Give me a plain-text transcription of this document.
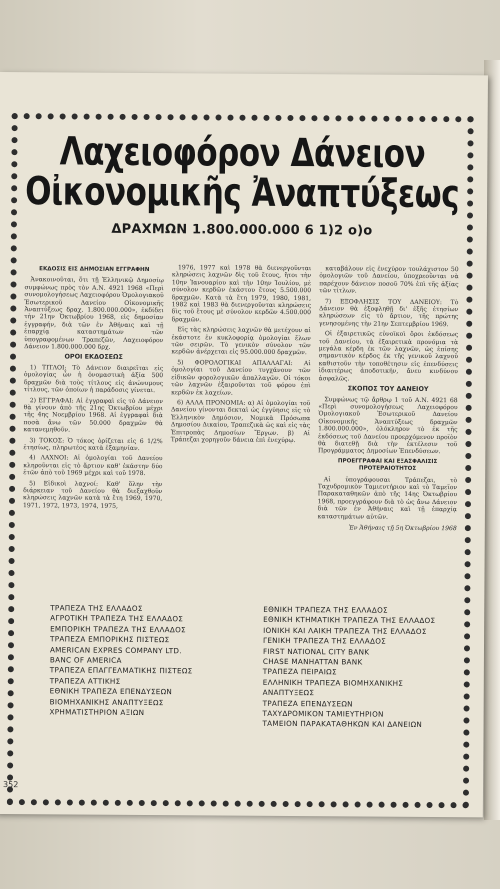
Λαχειοφόρον Δάνειον
Οἰκονομικῆς Ἀναπτύξεως
ΔΡΑΧΜΩΝ 1.800.000.000 6 1)2 ο)ο
ΕΚΔΟΣΙΣ ΕΙΣ ΔΗΜΟΣΙΑΝ ΕΓΓΡΑΦΗΝ

Ἀνακοινοῦται, ὅτι τῇ Ἑλληνικῷ Δημοσίῳ συμφώνως πρὸς τὸν Α.Ν. 4921 1968 «Περὶ συνομολογήσεως Λαχειοφόρου Ὁμολογιακοῦ Ἐσωτερικοῦ Δανείου Οἰκονομικῆς Ἀναπτύξεως δραχ. 1.800.000.000», ἐκδίδει τὴν 21ην Ὀκτωβρίου 1968, εἰς δημοσίαν ἐγγραφήν, διὰ τῶν ἐν Ἀθήναις καὶ τῇ ἐπαρχίᾳ καταστημάτων τῶν ὑπογραφομένων Τραπεζῶν, Λαχειοφόρον Δάνειον 1.800.000.000 δρχ.

ΟΡΟΙ ΕΚΔΟΣΕΩΣ

1) ΤΙΤΛΟΙ: Τὸ Δάνειον διαιρεῖται εἰς ὁμολογίας ὧν ἡ ὀνομαστικὴ ἀξία 500 δραχμῶν διὰ τοὺς τίτλους εἰς ἀνώνυμους τίτλους, τῶν ὁποίων ἡ παράδοσις γίνεται.

2) ΕΓΓΡΑΦΑΙ: Αἱ ἐγγραφαὶ εἰς τὸ Δάνειον θὰ γίνουν ἀπὸ τῆς 21ης Ὀκτωβρίου μέχρι τῆς 4ης Νοεμβρίου 1968. Αἱ ἐγγραφαὶ διὰ ποσὰ ἄνω τῶν 50.000 δραχμῶν θὰ κατανεμηθοῦν.

3) ΤΟΚΟΣ: Ὁ τόκος ὁρίζεται εἰς 6 1/2% ἐτησίως, πληρωτέος κατὰ ἑξαμηνίαν.

4) ΛΑΧΝΟΙ: Αἱ ὁμολογίαι τοῦ Δανείου κληροῦνται εἰς τὸ ἄρτιον καθ' ἑκάστην δύο ἐτῶν ἀπὸ τοῦ 1969 μέχρι καὶ τοῦ 1978.

5) Εἰδικοὶ λαχνοί: Καθ' ὅλην τὴν διάρκειαν τοῦ Δανείου θὰ διεξαχθοῦν κληρώσεις λαχνῶν κατὰ τὰ ἔτη 1969, 1970, 1971, 1972, 1973, 1974, 1975,

1976, 1977 καὶ 1978 θὰ διενεργοῦνται κληρώσεις λαχνῶν δὶς τοῦ ἔτους, ἤτοι τὴν 10ην Ἰανουαρίου καὶ τὴν 10ην Ἰουλίου, μὲ σύνολον κερδῶν ἑκάστου ἔτους 5.500.000 δραχμῶν. Κατὰ τὰ ἔτη 1979, 1980, 1981, 1982 καὶ 1983 θὰ διενεργοῦνται κληρώσεις δὶς τοῦ ἔτους μὲ σύνολον κερδῶν 4.500.000 δραχμῶν.

Εἰς τὰς κληρώσεις λαχνῶν θὰ μετέχουν αἱ ἑκάστοτε ἐν κυκλοφορίᾳ ὁμολογίαι ἔλων τῶν σειρῶν. Τὸ γενικὸν σύνολον τῶν κερδῶν ἀνέρχεται εἰς 95.000.000 δραχμῶν.

5) ΦΟΡΟΛΟΓΙΚΑΙ ΑΠΑΛΛΑΓΑΙ: Αἱ ὁμολογίαι τοῦ Δανείου τυγχάνουν τῶν εἰδικῶν φορολογικῶν ἀπαλλαγῶν. Οἱ τόκοι τῶν λαχνῶν ἐξαιροῦνται τοῦ φόρου ἐπὶ κερδῶν ἐκ λαχείων.

6) ΑΛΛΑ ΠΡΟΝΟΜΙΑ: α) Αἱ ὁμολογίαι τοῦ Δανείου γίνονται δεκταὶ ὡς ἐγγύησις εἰς τὸ Ἑλληνικὸν Δημόσιον, Νομικὰ Πρόσωπα Δημοσίου Δικαίου, Τραπεζικὰ ὡς καὶ εἰς τὰς Ἐπιτροπὰς Δημοσίων Ἔργων. β) Αἱ Τράπεζαι χορηγοῦν δάνεια ἐπὶ ἐνεχύρῳ.

καταβάλουν εἰς ἐνεχύρον τουλάχιστον 50 ὁμολογιῶν τοῦ Δανείου, ὑποχρεοῦνται νὰ παρέχουν δάνειον ποσοῦ 70% ἐπὶ τῆς ἀξίας τῶν τίτλων.

7) ΕΞΟΦΛΗΣΙΣ ΤΟΥ ΔΑΝΕΙΟΥ: Τὸ Δάνειον θὰ ἐξοφληθῇ δι' ἐξῆς ἐτησίων κληρώσεων εἰς τὸ ἄρτιον, τῆς πρώτης γενησομένης τὴν 21ην Σεπτεμβρίου 1969.

Οἱ ἐξαιρετικῶς εὐνοϊκοὶ ὅροι ἐκδόσεως τοῦ Δανείου, τὰ ἐξαιρετικὰ προνόμια τὰ μεγάλα κέρδη ἐκ τῶν λαχνῶν, ὡς ἐπίσης σημαντικὸν κέρδος ἐκ τῆς γενικοῦ λαχνοῦ καθιστοῦν τὴν τοποθέτησιν εἰς ἐπενδύσεις ἰδιαιτέρως ἀποδοτικήν, ἄνευ κινδύνου ἀσφαλῶς.

ΣΚΟΠΟΣ ΤΟΥ ΔΑΝΕΙΟΥ

Συμφώνως τῷ ἄρθρῳ 1 τοῦ Α.Ν. 4921 68 «Περὶ συνομολογήσεως Λαχειοφόρου Ὁμολογιακοῦ Ἐσωτερικοῦ Δανείου Οἰκονομικῆς Ἀναπτύξεως δραχμῶν 1.800.000.000», ὁλόκληρον τὸ ἐκ τῆς ἐκδόσεως τοῦ Δανείου προερχόμενον προϊὸν θὰ διατεθῇ διὰ τὴν ἐκτέλεσιν τοῦ Προγράμματος Δημοσίων Ἐπενδύσεων.

ΠΡΟΕΓΓΡΑΦΑΙ ΚΑΙ ΕΞΑΣΦΑΛΙΣΙΣ ΠΡΟΤΕΡΑΙΟΤΗΤΟΣ

Αἱ ὑπογράφουσαι Τράπεζαι, τὸ Ταχυδρομικὸν Ταμιευτήριον καὶ τὸ Ταμεῖον Παρακαταθηκῶν ἀπὸ τῆς 14ης Ὀκτωβρίου 1968, προεγγράφουν διὰ τὸ ὡς ἄνω Δάνειον διὰ τῶν ἐν Ἀθήναις καὶ τῇ ἐπαρχίᾳ καταστημάτων αὐτῶν.

Ἐν Ἀθήναις τῇ 5η Ὀκτωβρίου 1968
ΤΡΑΠΕΖΑ ΤΗΣ ΕΛΛΑΔΟΣ
ΑΓΡΟΤΙΚΗ ΤΡΑΠΕΖΑ ΤΗΣ ΕΛΛΑΔΟΣ
ΕΜΠΟΡΙΚΗ ΤΡΑΠΕΖΑ ΤΗΣ ΕΛΛΑΔΟΣ
ΤΡΑΠΕΖΑ ΕΜΠΟΡΙΚΗΣ ΠΙΣΤΕΩΣ
AMERICAN EXPRES COMPANY LTD.
BANC OF AMERICA
ΤΡΑΠΕΖΑ ΕΠΑΓΓΕΛΜΑΤΙΚΗΣ ΠΙΣΤΕΩΣ
ΤΡΑΠΕΖΑ ΑΤΤΙΚΗΣ
ΕΘΝΙΚΗ ΤΡΑΠΕΖΑ ΕΠΕΝΔΥΣΕΩΝ
ΒΙΟΜΗΧΑΝΙΚΗΣ ΑΝΑΠΤΥΞΕΩΣ
ΧΡΗΜΑΤΙΣΤΗΡΙΟΝ ΑΞΙΩΝ
ΕΘΝΙΚΗ ΤΡΑΠΕΖΑ ΤΗΣ ΕΛΛΑΔΟΣ
ΕΘΝΙΚΗ ΚΤΗΜΑΤΙΚΗ ΤΡΑΠΕΖΑ ΤΗΣ ΕΛΛΑΔΟΣ
ΙΟΝΙΚΗ ΚΑΙ ΛΑΙΚΗ ΤΡΑΠΕΖΑ ΤΗΣ ΕΛΛΑΔΟΣ
ΓΕΝΙΚΗ ΤΡΑΠΕΖΑ ΤΗΣ ΕΛΛΑΔΟΣ
FIRST NATIONAL CITY BANK
CHASE MANHATTAN BANK
ΤΡΑΠΕΖΑ ΠΕΙΡΑΙΩΣ
ΕΛΛΗΝΙΚΗ ΤΡΑΠΕΖΑ ΒΙΟΜΗΧΑΝΙΚΗΣ
ΑΝΑΠΤΥΞΕΩΣ
ΤΡΑΠΕΖΑ ΕΠΕΝΔΥΣΕΩΝ
ΤΑΧΥΔΡΟΜΙΚΟΝ ΤΑΜΙΕΥΤΗΡΙΟΝ
ΤΑΜΕΙΟΝ ΠΑΡΑΚΑΤΑΘΗΚΩΝ ΚΑΙ ΔΑΝΕΙΩΝ
352
